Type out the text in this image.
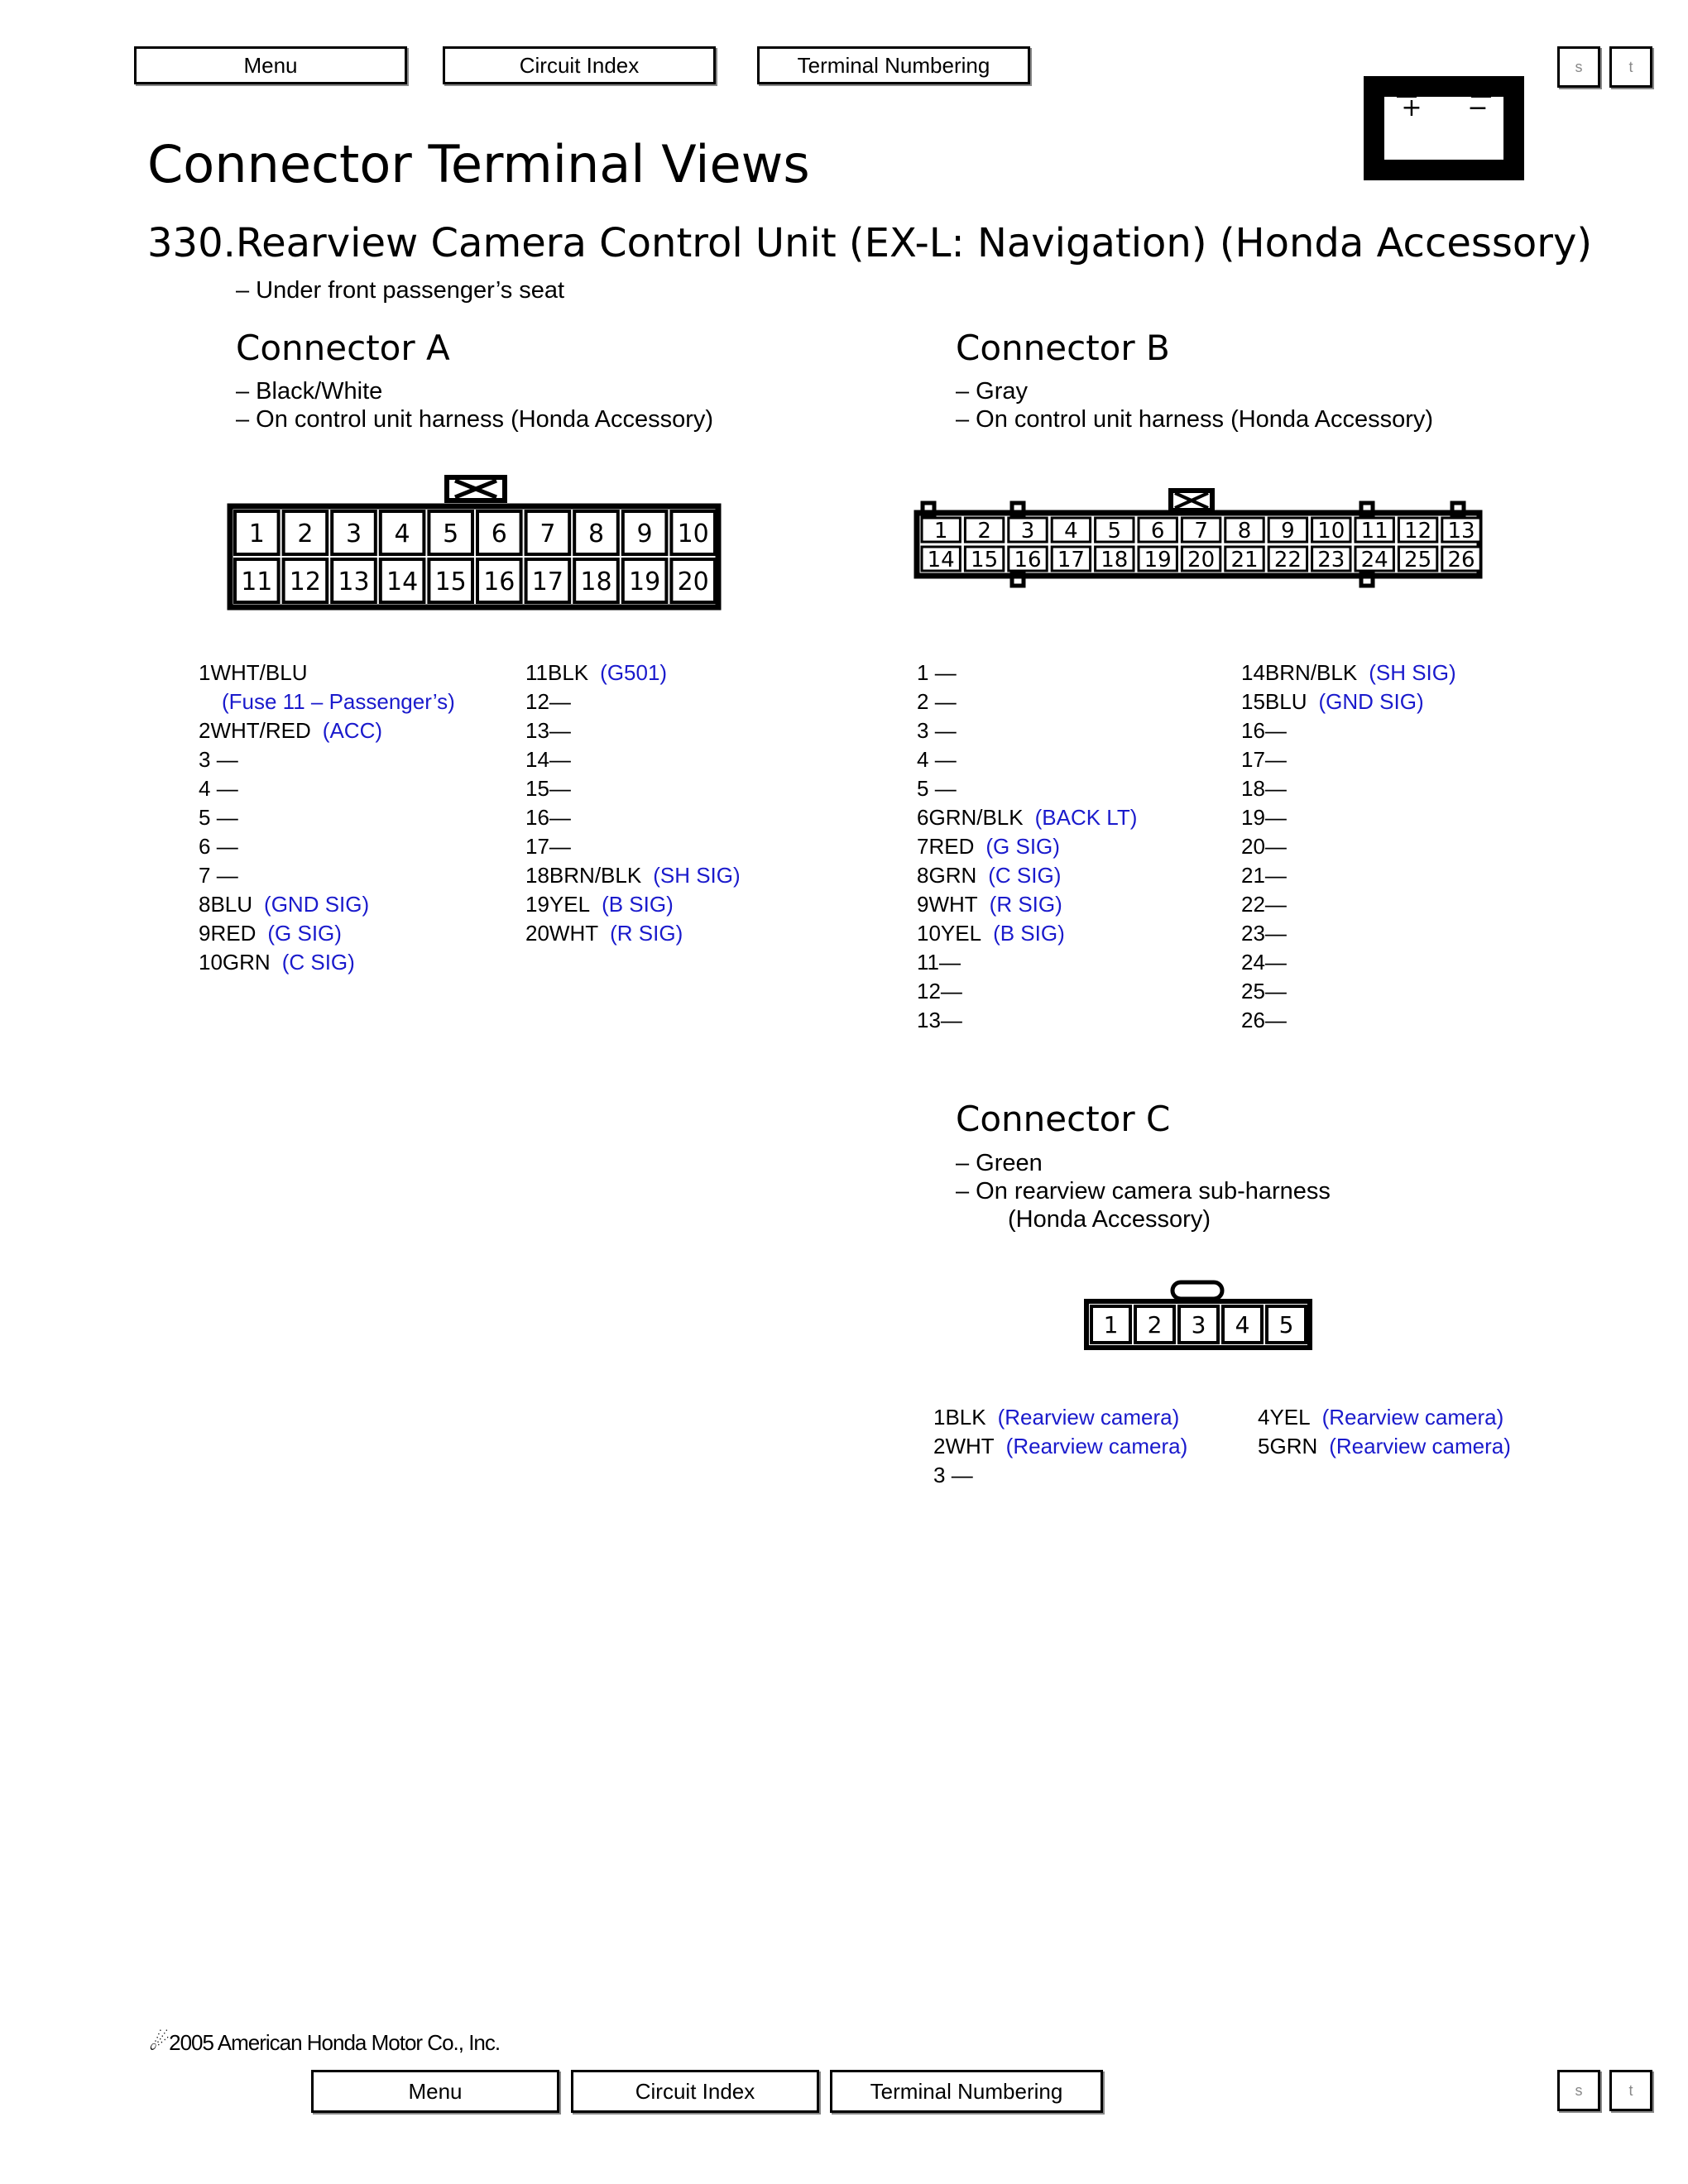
Menu	Circuit Index	Terminal Numbering	s	t
+ −
Connector Terminal Views
330.Rearview Camera Control Unit (EX-L: Navigation) (Honda Accessory)
– Under front passenger’s seat
Connector A
– Black/White
– On control unit harness (Honda Accessory)
Connector B
– Gray
– On control unit harness (Honda Accessory)
1 2 3 4 5 6 7 8 9 10
11 12 13 14 15 16 17 18 19 20
1 2 3 4 5 6 7 8 9 10 11 12 13
14 15 16 17 18 19 20 21 22 23 24 25 26
1WHT/BLU
(Fuse 11 – Passenger’s)
2WHT/RED (ACC)
3 —
4 —
5 —
6 —
7 —
8BLU (GND SIG)
9RED (G SIG)
10GRN (C SIG)
11BLK (G501)
12—
13—
14—
15—
16—
17—
18BRN/BLK (SH SIG)
19YEL (B SIG)
20WHT (R SIG)
1 —
2 —
3 —
4 —
5 —
6GRN/BLK (BACK LT)
7RED (G SIG)
8GRN (C SIG)
9WHT (R SIG)
10YEL (B SIG)
11—
12—
13—
14BRN/BLK (SH SIG)
15BLU (GND SIG)
16—
17—
18—
19—
20—
21—
22—
23—
24—
25—
26—
Connector C
– Green
– On rearview camera sub-harness
(Honda Accessory)
1 2 3 4 5
1BLK (Rearview camera)
2WHT (Rearview camera)
3 —
4YEL (Rearview camera)
5GRN (Rearview camera)
☄2005 American Honda Motor Co., Inc.
Menu	Circuit Index	Terminal Numbering	s	t
